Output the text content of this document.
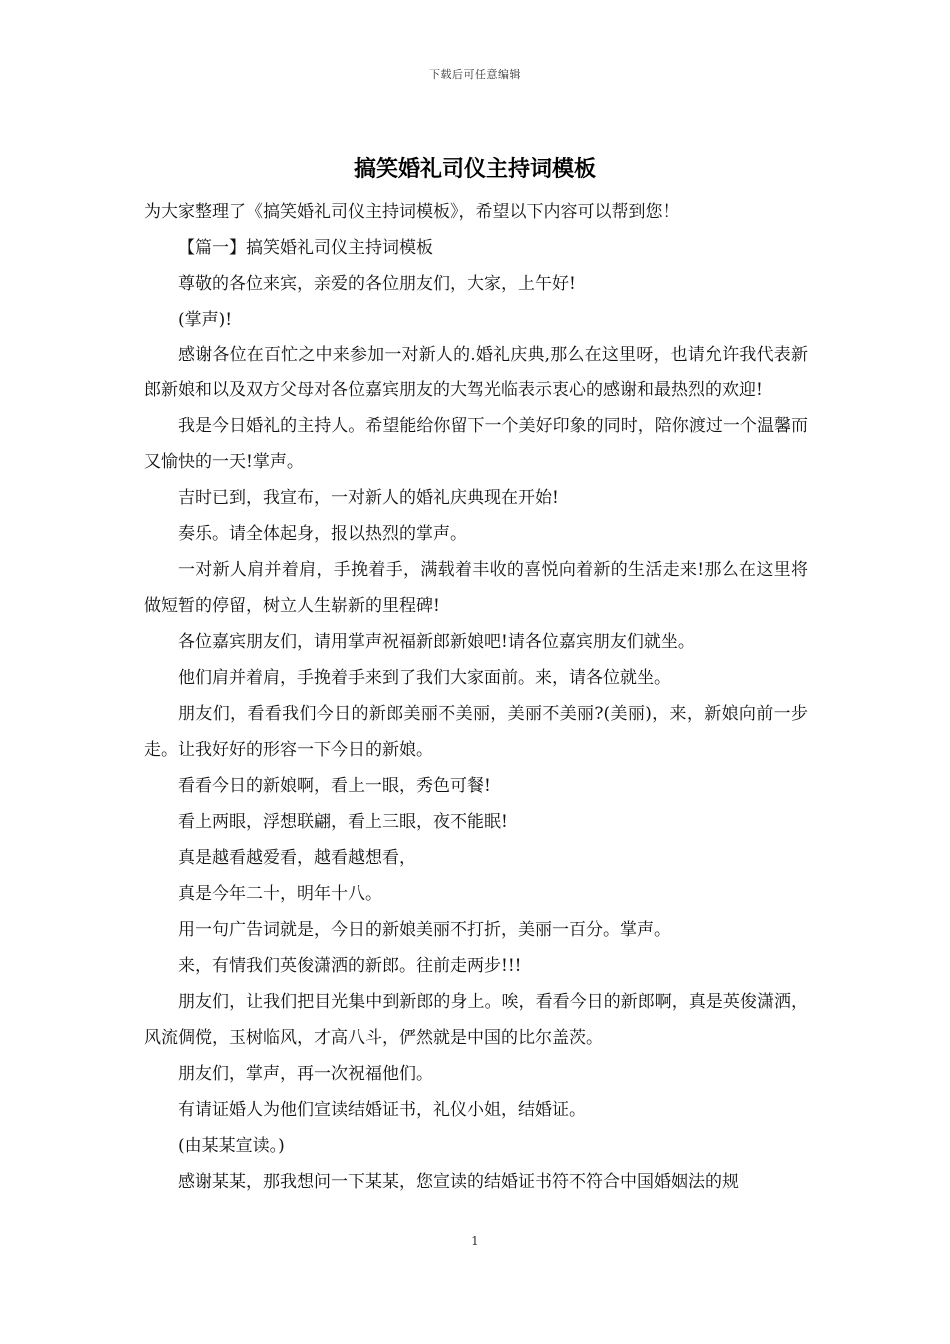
下载后可任意编辑
搞笑婚礼司仪主持词模板

为大家整理了《搞笑婚礼司仪主持词模板》，希望以下内容可以帮到您！

【篇一】搞笑婚礼司仪主持词模板

尊敬的各位来宾，亲爱的各位朋友们，大家，上午好!

(掌声)!

感谢各位在百忙之中来参加一对新人的.婚礼庆典,那么在这里呀，也请允许我代表新郎新娘和以及双方父母对各位嘉宾朋友的大驾光临表示衷心的感谢和最热烈的欢迎!

我是今日婚礼的主持人。希望能给你留下一个美好印象的同时，陪你渡过一个温馨而又愉快的一天!掌声。

吉时已到，我宣布，一对新人的婚礼庆典现在开始!

奏乐。请全体起身，报以热烈的掌声。

一对新人肩并着肩，手挽着手，满载着丰收的喜悦向着新的生活走来!那么在这里将做短暂的停留，树立人生崭新的里程碑!

各位嘉宾朋友们，请用掌声祝福新郎新娘吧!请各位嘉宾朋友们就坐。

他们肩并着肩，手挽着手来到了我们大家面前。来，请各位就坐。

朋友们，看看我们今日的新郎美丽不美丽，美丽不美丽?(美丽)，来，新娘向前一步走。让我好好的形容一下今日的新娘。

看看今日的新娘啊，看上一眼，秀色可餐!

看上两眼，浮想联翩，看上三眼，夜不能眠!

真是越看越爱看，越看越想看，

真是今年二十，明年十八。

用一句广告词就是，今日的新娘美丽不打折，美丽一百分。掌声。

来，有情我们英俊潇洒的新郎。往前走两步!!!

朋友们，让我们把目光集中到新郎的身上。唉，看看今日的新郎啊，真是英俊潇洒，风流倜傥，玉树临风，才高八斗，俨然就是中国的比尔盖茨。

朋友们，掌声，再一次祝福他们。

有请证婚人为他们宣读结婚证书，礼仪小姐，结婚证。

(由某某宣读。)

感谢某某，那我想问一下某某，您宣读的结婚证书符不符合中国婚姻法的规

1
